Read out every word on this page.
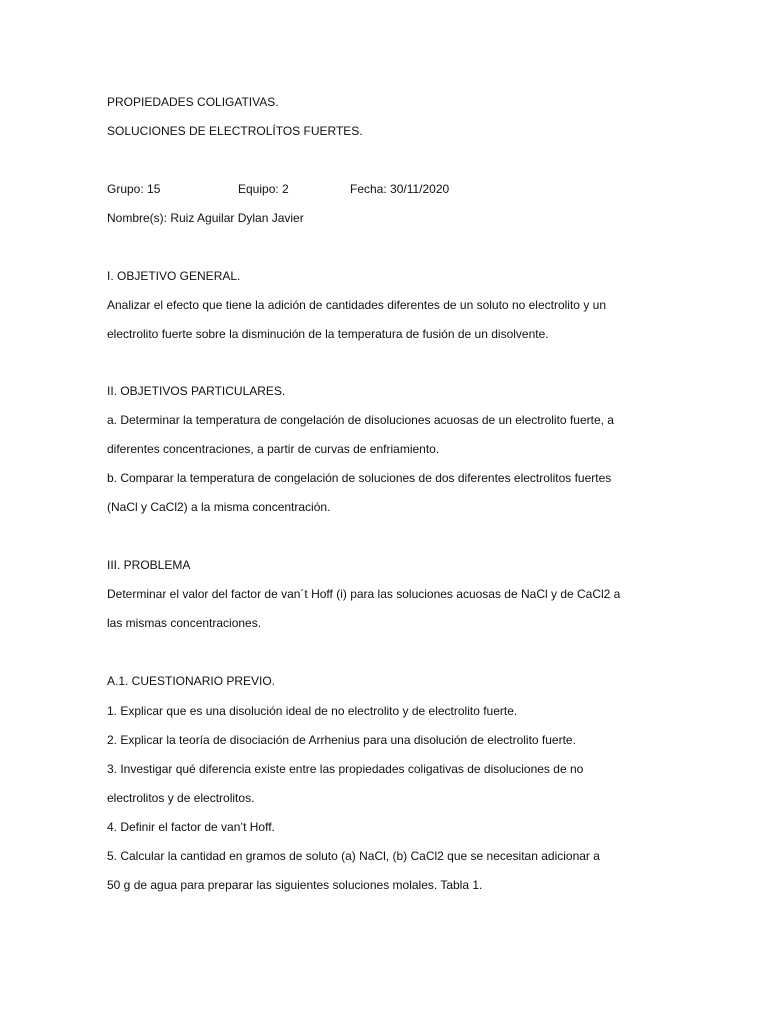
PROPIEDADES COLIGATIVAS.
SOLUCIONES DE ELECTROLÍTOS FUERTES.
Grupo: 15	Equipo: 2	Fecha: 30/11/2020
Nombre(s): Ruiz Aguilar Dylan Javier
I. OBJETIVO GENERAL.
Analizar el efecto que tiene la adición de cantidades diferentes de un soluto no electrolito y un
electrolito fuerte sobre la disminución de la temperatura de fusión de un disolvente.
II. OBJETIVOS PARTICULARES.
a. Determinar la temperatura de congelación de disoluciones acuosas de un electrolito fuerte, a
diferentes concentraciones, a partir de curvas de enfriamiento.
b. Comparar la temperatura de congelación de soluciones de dos diferentes electrolitos fuertes
(NaCl y CaCl2) a la misma concentración.
III. PROBLEMA
Determinar el valor del factor de van´t Hoff (i) para las soluciones acuosas de NaCl y de CaCl2 a
las mismas concentraciones.
A.1. CUESTIONARIO PREVIO.
1. Explicar que es una disolución ideal de no electrolito y de electrolito fuerte.
2. Explicar la teoría de disociación de Arrhenius para una disolución de electrolito fuerte.
3. Investigar qué diferencia existe entre las propiedades coligativas de disoluciones de no
electrolitos y de electrolitos.
4. Definir el factor de van’t Hoff.
5. Calcular la cantidad en gramos de soluto (a) NaCl, (b) CaCl2 que se necesitan adicionar a
50 g de agua para preparar las siguientes soluciones molales. Tabla 1.
